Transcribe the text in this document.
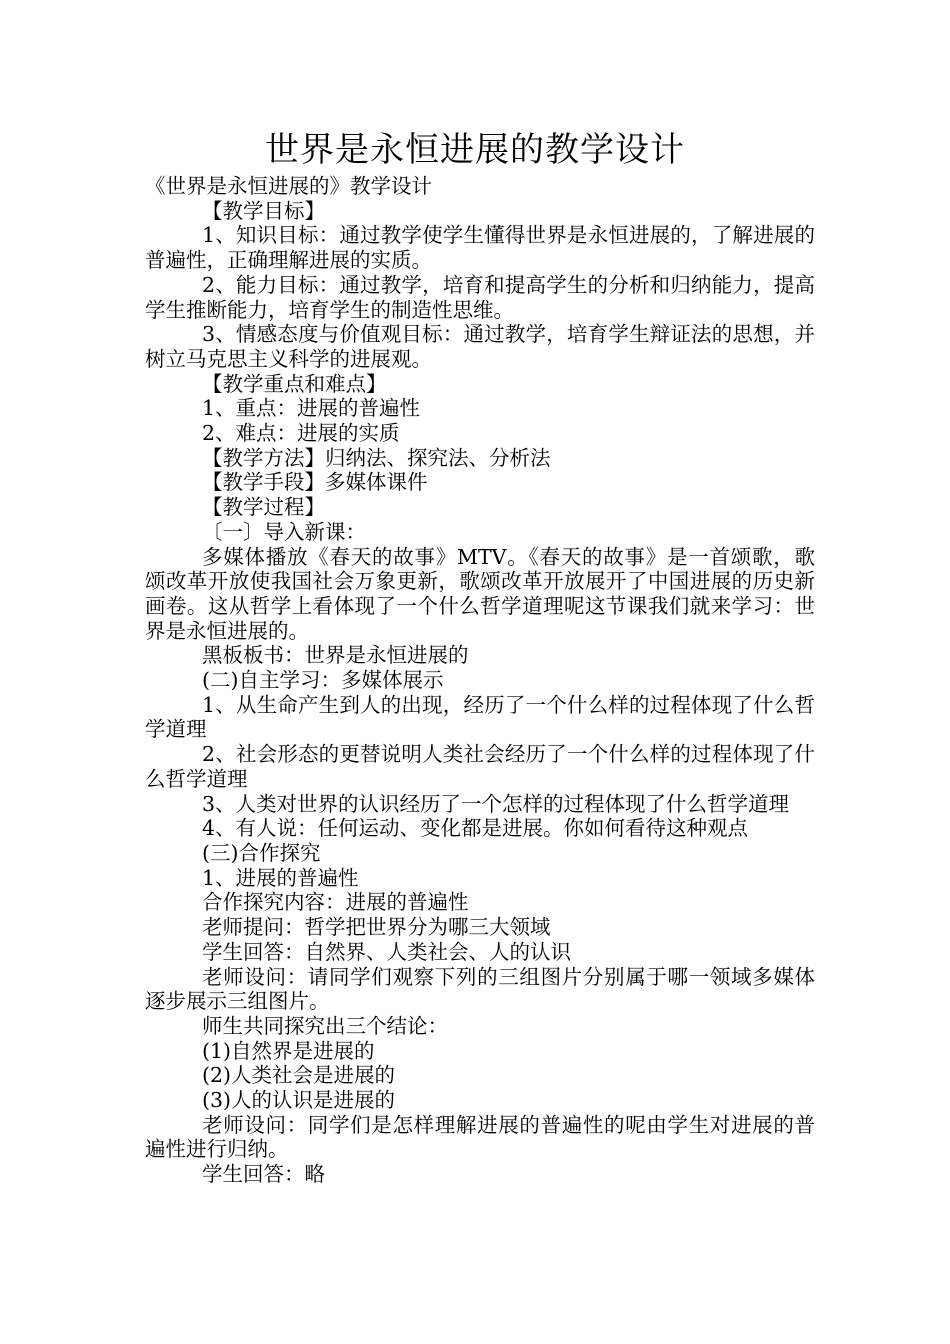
世界是永恒进展的教学设计

《世界是永恒进展的》教学设计

【教学目标】

1、知识目标：通过教学使学生懂得世界是永恒进展的，了解进展的普遍性，正确理解进展的实质。

2、能力目标：通过教学，培育和提高学生的分析和归纳能力，提高学生推断能力，培育学生的制造性思维。

3、情感态度与价值观目标：通过教学，培育学生辩证法的思想，并树立马克思主义科学的进展观。

【教学重点和难点】

1、重点：进展的普遍性

2、难点：进展的实质

【教学方法】归纳法、探究法、分析法

【教学手段】多媒体课件

【教学过程】

〔一〕导入新课：

多媒体播放《春天的故事》MTV。《春天的故事》是一首颂歌，歌颂改革开放使我国社会万象更新，歌颂改革开放展开了中国进展的历史新画卷。这从哲学上看体现了一个什么哲学道理呢这节课我们就来学习：世界是永恒进展的。

黑板板书：世界是永恒进展的

(二)自主学习：多媒体展示

1、从生命产生到人的出现，经历了一个什么样的过程体现了什么哲学道理

2、社会形态的更替说明人类社会经历了一个什么样的过程体现了什么哲学道理

3、人类对世界的认识经历了一个怎样的过程体现了什么哲学道理

4、有人说：任何运动、变化都是进展。你如何看待这种观点

(三)合作探究

1、进展的普遍性

合作探究内容：进展的普遍性

老师提问：哲学把世界分为哪三大领域

学生回答：自然界、人类社会、人的认识

老师设问：请同学们观察下列的三组图片分别属于哪一领域多媒体逐步展示三组图片。

师生共同探究出三个结论：

(1)自然界是进展的

(2)人类社会是进展的

(3)人的认识是进展的

老师设问：同学们是怎样理解进展的普遍性的呢由学生对进展的普遍性进行归纳。

学生回答：略
